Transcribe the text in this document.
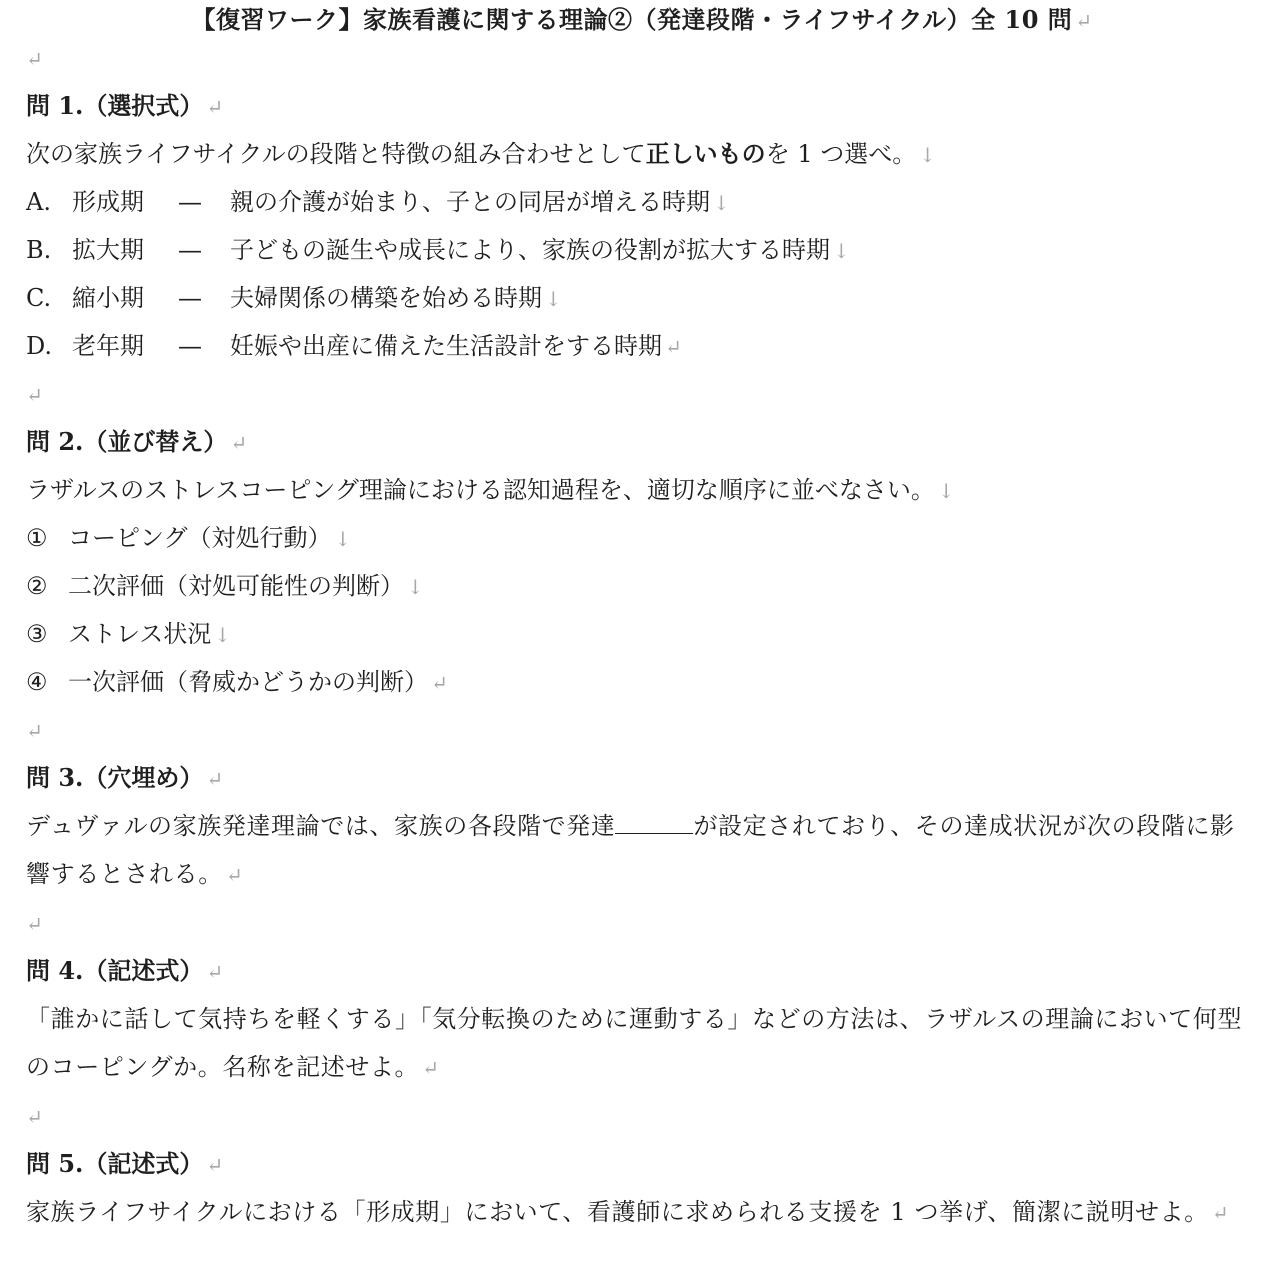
【復習ワーク】家族看護に関する理論②（発達段階・ライフサイクル）全 10 問 ↵
↵
問 1.（選択式） ↵
次の家族ライフサイクルの段階と特徴の組み合わせとして正しいものを 1 つ選べ。 ↓
A. 形成期 — 親の介護が始まり、子との同居が増える時期 ↓
B. 拡大期 — 子どもの誕生や成長により、家族の役割が拡大する時期 ↓
C. 縮小期 — 夫婦関係の構築を始める時期 ↓
D. 老年期 — 妊娠や出産に備えた生活設計をする時期 ↵
↵
問 2.（並び替え） ↵
ラザルスのストレスコーピング理論における認知過程を、適切な順序に並べなさい。 ↓
① コーピング（対処行動） ↓
② 二次評価（対処可能性の判断） ↓
③ ストレス状況 ↓
④ 一次評価（脅威かどうかの判断） ↵
↵
問 3.（穴埋め） ↵
デュヴァルの家族発達理論では、家族の各段階で発達	が設定されており、その達成状況が次の段階に影響するとされる。 ↵
↵
問 4.（記述式） ↵
「誰かに話して気持ちを軽くする」「気分転換のために運動する」などの方法は、ラザルスの理論において何型のコーピングか。名称を記述せよ。 ↵
↵
問 5.（記述式） ↵
家族ライフサイクルにおける「形成期」において、看護師に求められる支援を 1 つ挙げ、簡潔に説明せよ。 ↵
